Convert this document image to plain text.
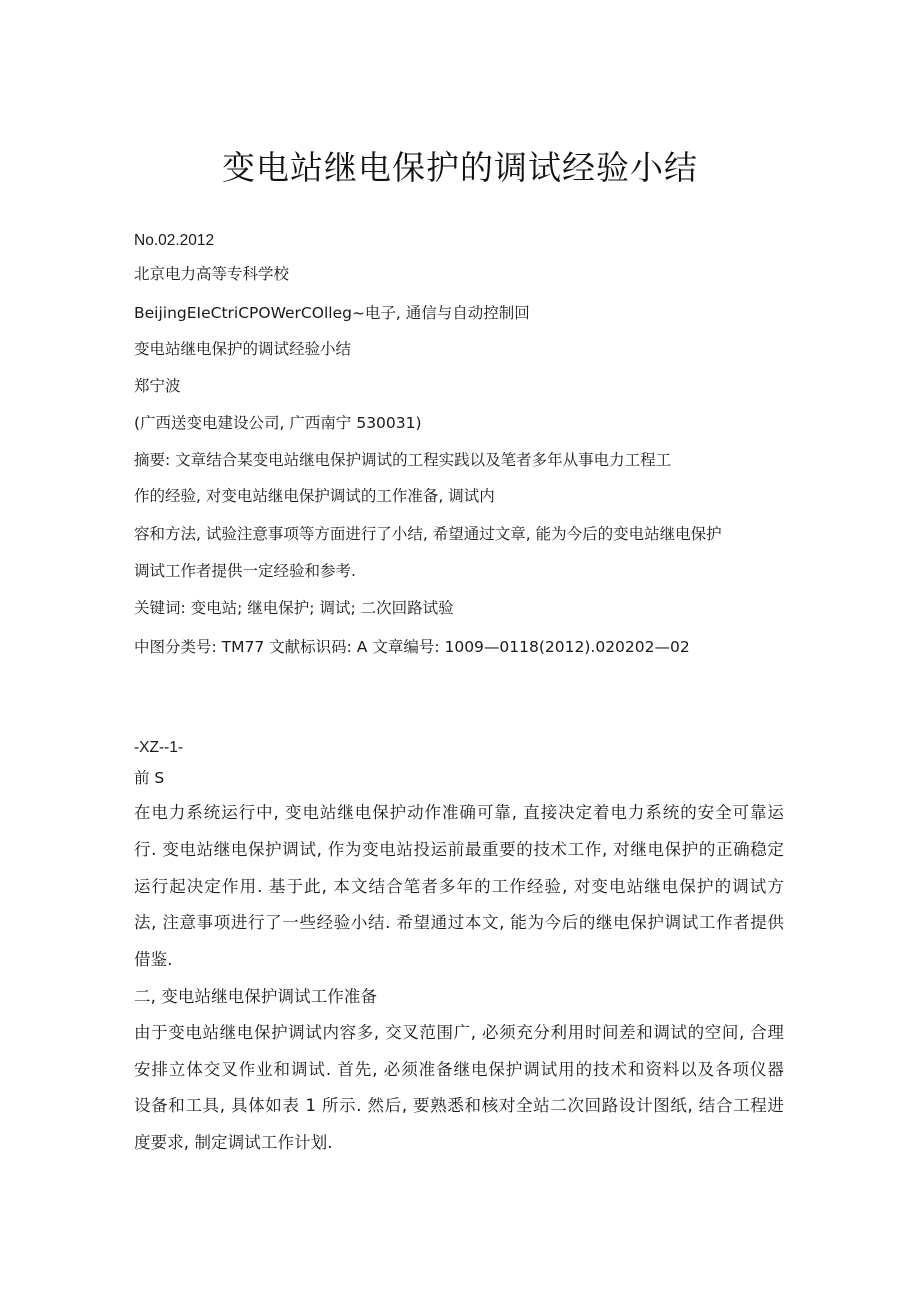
变电站继电保护的调试经验小结

No.02.2012

北京电力高等专科学校

BeijingEIeCtriCPOWerCOlleg~电子, 通信与自动控制回

变电站继电保护的调试经验小结

郑宁波

(广西送变电建设公司, 广西南宁 530031)

摘要: 文章结合某变电站继电保护调试的工程实践以及笔者多年从事电力工程工

作的经验, 对变电站继电保护调试的工作准备, 调试内

容和方法, 试验注意事项等方面进行了小结, 希望通过文章, 能为今后的变电站继电保护

调试工作者提供一定经验和参考.

关键词: 变电站; 继电保护; 调试; 二次回路试验

中图分类号: TM77 文献标识码: A 文章编号: 1009—0118(2012).020202—02

-XZ--1-

前 S

在电力系统运行中, 变电站继电保护动作准确可靠, 直接决定着电力系统的安全可靠运

行. 变电站继电保护调试, 作为变电站投运前最重要的技术工作, 对继电保护的正确稳定

运行起决定作用. 基于此, 本文结合笔者多年的工作经验, 对变电站继电保护的调试方

法, 注意事项进行了一些经验小结. 希望通过本文, 能为今后的继电保护调试工作者提供

借鉴.

二, 变电站继电保护调试工作准备

由于变电站继电保护调试内容多, 交叉范围广, 必须充分利用时间差和调试的空间, 合理

安排立体交叉作业和调试. 首先, 必须准备继电保护调试用的技术和资料以及各项仪器

设备和工具, 具体如表 1 所示. 然后, 要熟悉和核对全站二次回路设计图纸, 结合工程进

度要求, 制定调试工作计划.
